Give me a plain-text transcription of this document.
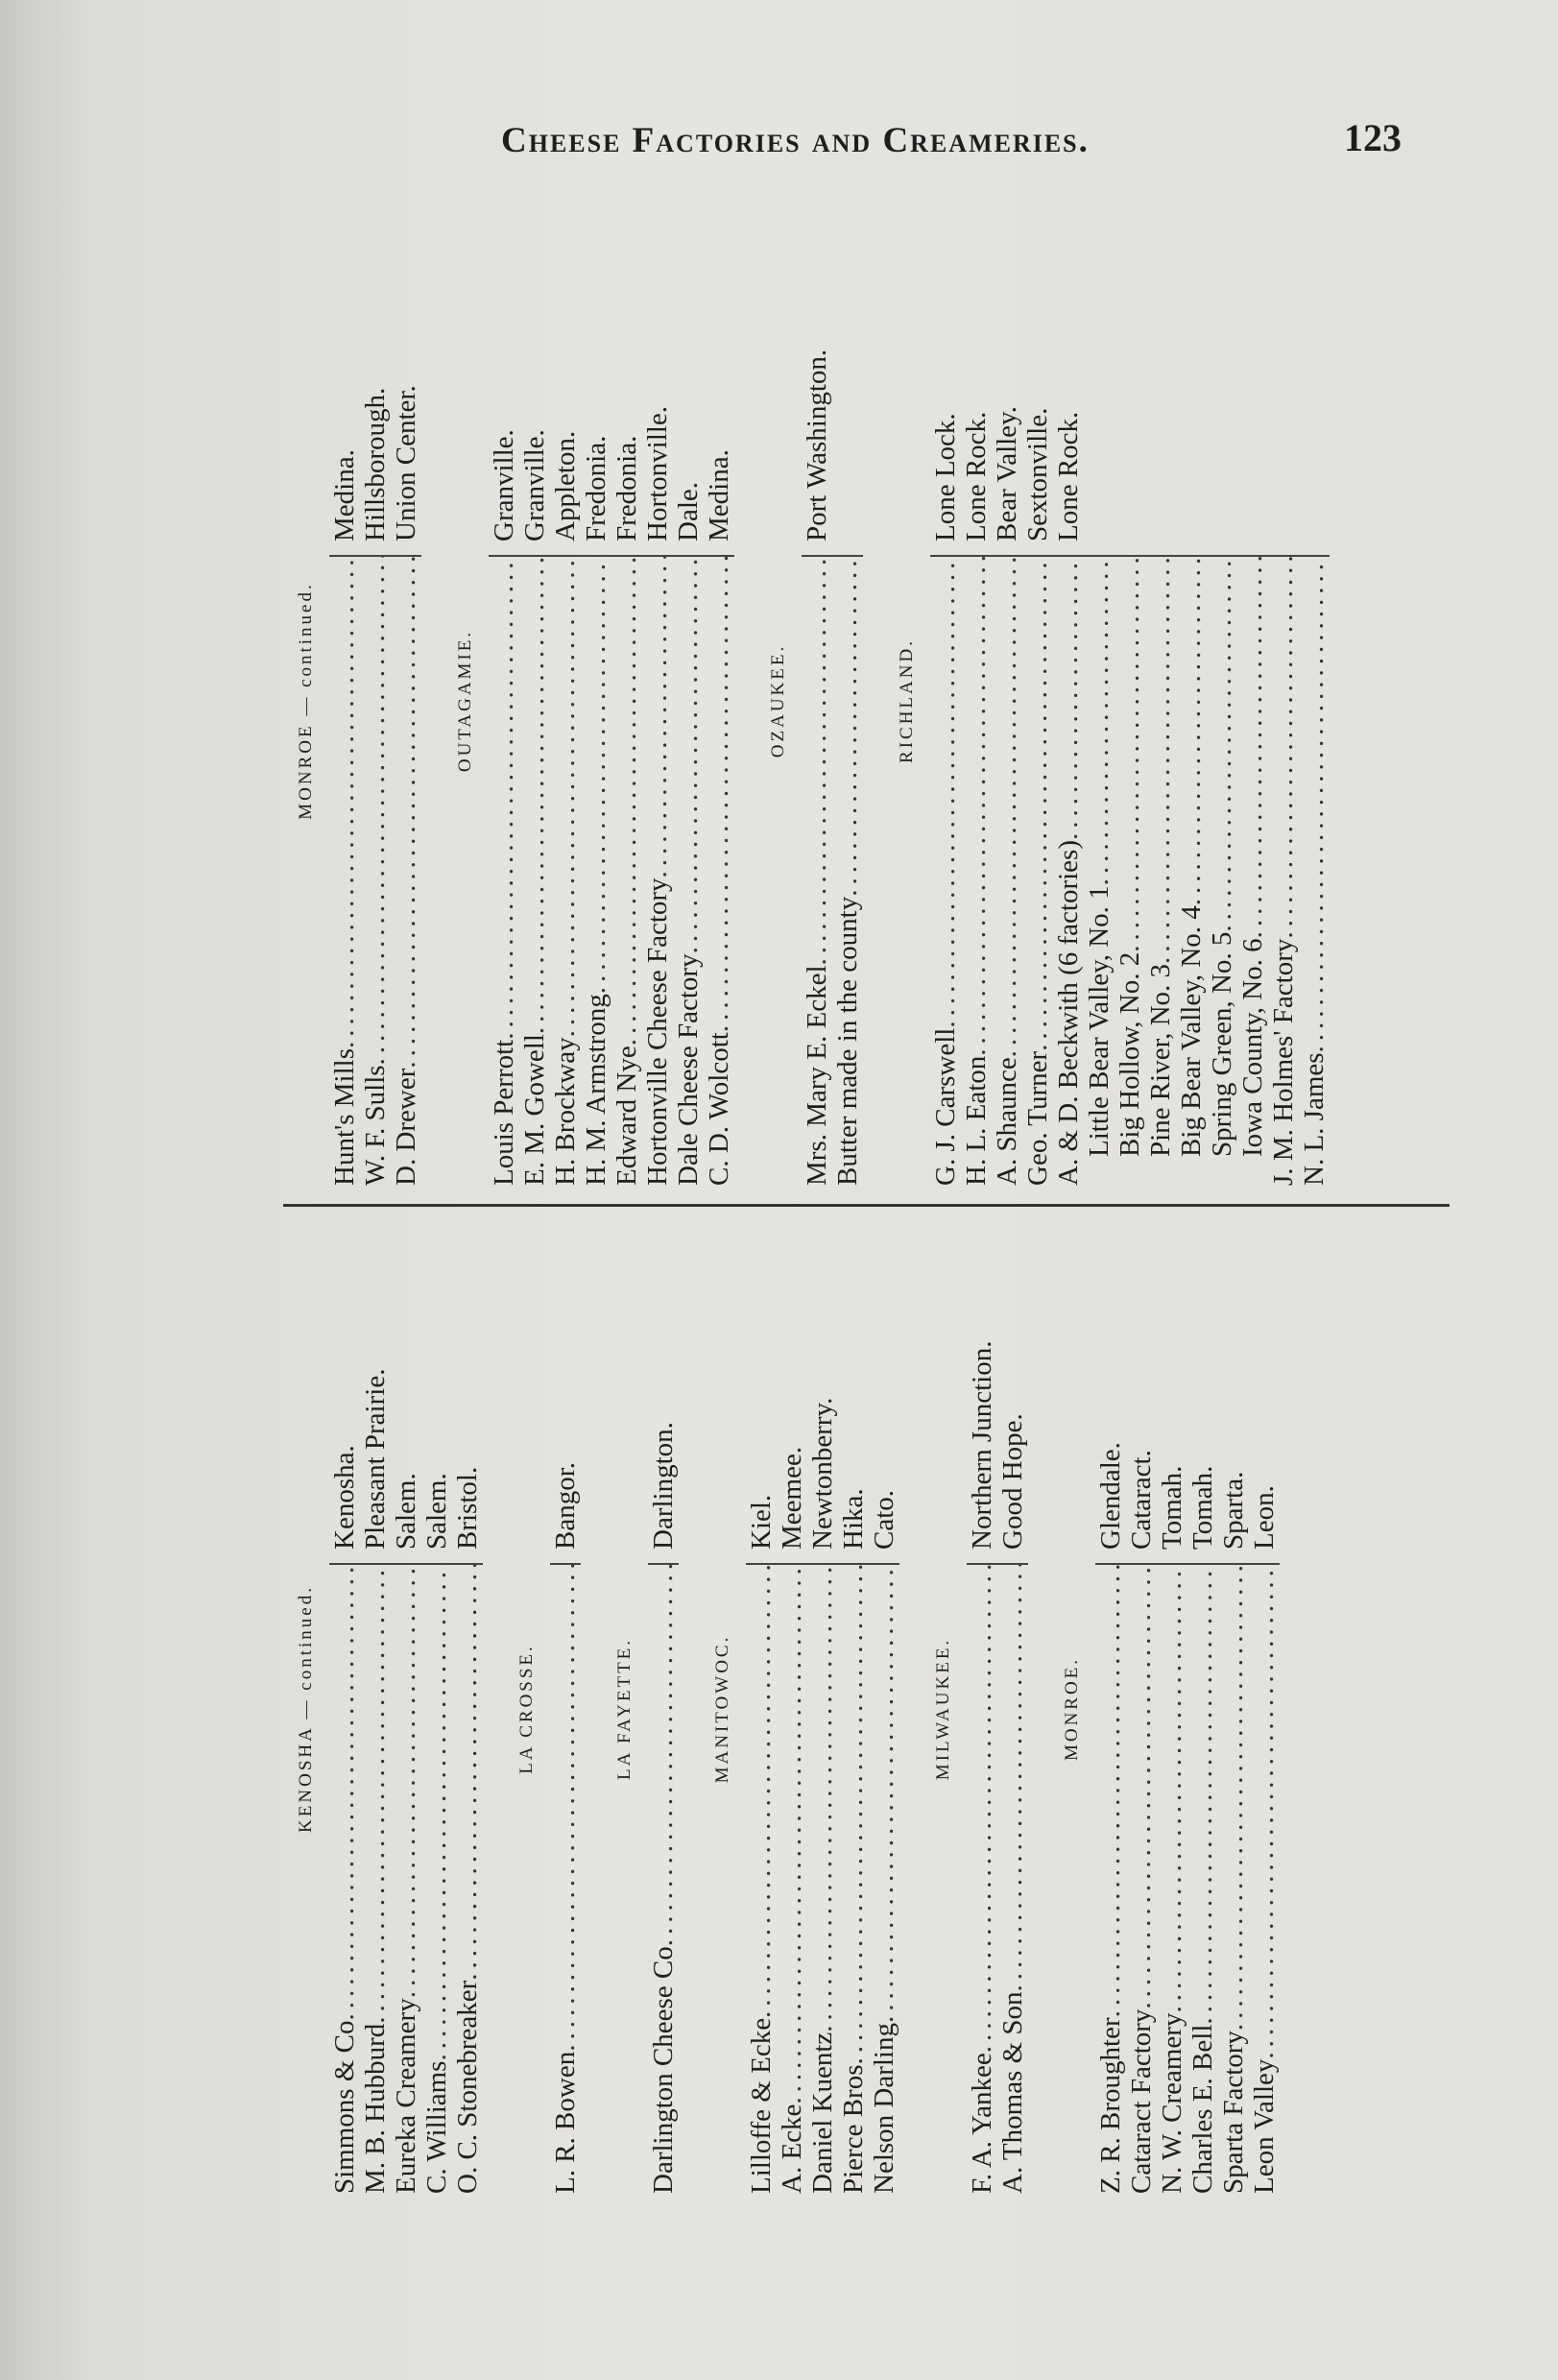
Cheese Factories and Creameries.	123
KENOSHA — continued.
Simmons & Co
.....
Kenosha.
M. B. Hubburd
.....
Pleasant Prairie.
Eureka Creamery
.....
Salem.
C. Williams
.....
Salem.
O. C. Stonebreaker
.....
Bristol.
LA CROSSE.
L. R. Bowen
.....
Bangor.
LA FAYETTE.
Darlington Cheese Co
.....
Darlington.
MANITOWOC.
Lilloffe & Ecke
.....
Kiel.
A. Ecke
.....
Meemee.
Daniel Kuentz
.....
Newtonberry.
Pierce Bros
.....
Hika.
Nelson Darling
.....
Cato.
MILWAUKEE.
F. A. Yankee
.....
Northern Junction.
A. Thomas & Son
.....
Good Hope.
MONROE.
Z. R. Broughter
.....
Glendale.
Cataract Factory
.....
Cataract.
N. W. Creamery
.....
Tomah.
Charles E. Bell
.....
Tomah.
Sparta Factory
.....
Sparta.
Leon Valley
.....
Leon.
MONROE — continued.
Hunt's Mills
.....
Medina.
W. F. Sulls
.....
Hillsborough.
D. Drewer
.....
Union Center.
OUTAGAMIE.
Louis Perrott
.....
Granville.
E. M. Gowell
.....
Granville.
H. Brockway
.....
Appleton.
H. M. Armstrong
.....
Fredonia.
Edward Nye
.....
Fredonia.
Hortonville Cheese Factory
.....
Hortonville.
Dale Cheese Factory
.....
Dale.
C. D. Wolcott
.....
Medina.
OZAUKEE.
Mrs. Mary E. Eckel
.....
Port Washington.
Butter made in the county
.....
RICHLAND.
G. J. Carswell
.....
Lone Lock.
H. L. Eaton
.....
Lone Rock.
A. Shaunce
.....
Bear Valley.
Geo. Turner
.....
Sextonville.
A. & D. Beckwith (6 factories)
.....
Lone Rock.
Little Bear Valley, No. 1
..... Big Hollow, No. 2
..... Pine River, No. 3
..... Big Bear Valley, No. 4
..... Spring Green, No. 5
..... Iowa County, No. 6
..... J. M. Holmes' Factory
..... N. L. James
.....
